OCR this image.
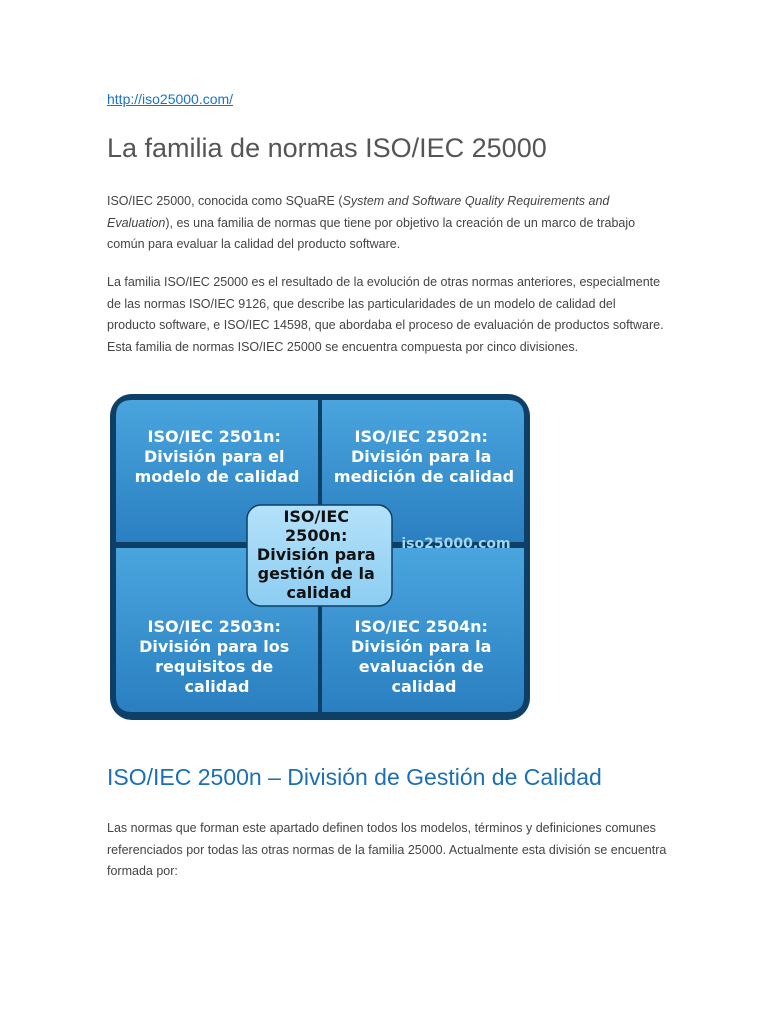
http://iso25000.com/
La familia de normas ISO/IEC 25000

ISO/IEC 25000, conocida como SQuaRE (System and Software Quality Requirements and Evaluation), es una familia de normas que tiene por objetivo la creación de un marco de trabajo común para evaluar la calidad del producto software.

La familia ISO/IEC 25000 es el resultado de la evolución de otras normas anteriores, especialmente de las normas ISO/IEC 9126, que describe las particularidades de un modelo de calidad del producto software, e ISO/IEC 14598, que abordaba el proceso de evaluación de productos software. Esta familia de normas ISO/IEC 25000 se encuentra compuesta por cinco divisiones.

ISO/IEC 2501n: División para el modelo de calidad
ISO/IEC 2502n: División para la medición de calidad
ISO/IEC 2503n: División para los requisitos de calidad
ISO/IEC 2504n: División para la evaluación de calidad
iso25000.com
ISO/IEC 2500n: División para gestión de la calidad
ISO/IEC 2500n – División de Gestión de Calidad

Las normas que forman este apartado definen todos los modelos, términos y definiciones comunes referenciados por todas las otras normas de la familia 25000. Actualmente esta división se encuentra formada por:
